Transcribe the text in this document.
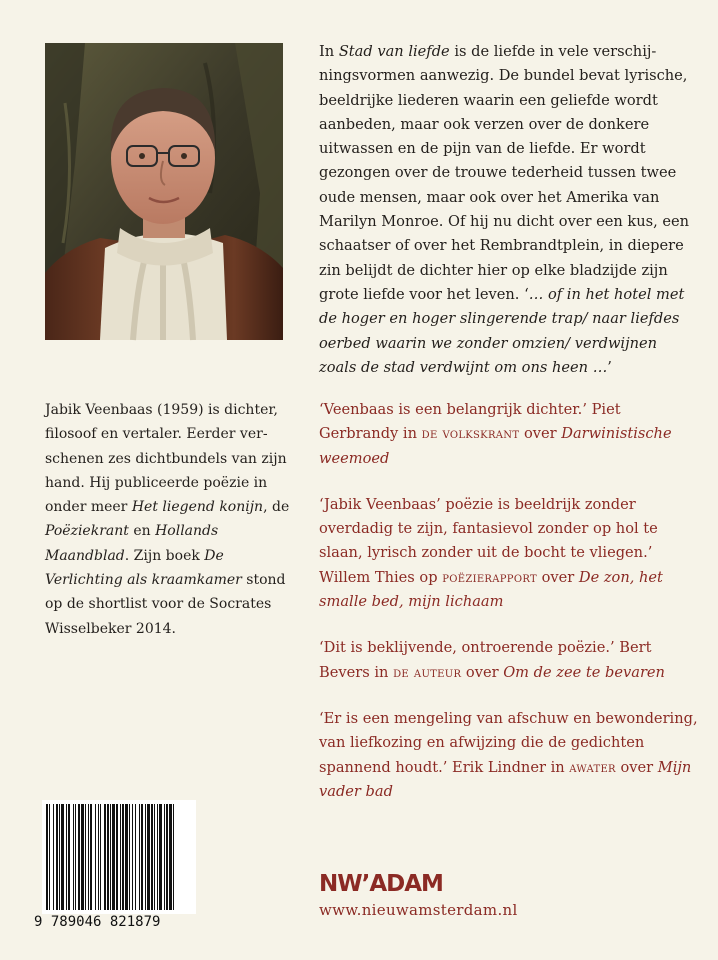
In Stad van liefde is de liefde in vele verschijningsvormen aanwezig. De bundel bevat lyrische, beeldrijke liederen waarin een geliefde wordt aanbeden, maar ook verzen over de donkere uitwassen en de pijn van de liefde. Er wordt gezongen over de trouwe tederheid tussen twee oude mensen, maar ook over het Amerika van Marilyn Monroe. Of hij nu dicht over een kus, een schaatser of over het Rembrandtplein, in diepere zin belijdt de dichter hier op elke bladzijde zijn grote liefde voor het leven. ‘… of in het hotel met de hoger en hoger slingerende trap/ naar liefdes oerbed waarin we zonder omzien/ verdwijnen zoals de stad verdwijnt om ons heen …’

Jabik Veenbaas (1959) is dichter, filosoof en vertaler. Eerder verschenen zes dichtbundels van zijn hand. Hij publiceerde poëzie in onder meer Het liegend konijn, de Poëziekrant en Hollands Maandblad. Zijn boek De Verlichting als kraamkamer stond op de shortlist voor de Socrates Wisselbeker 2014.

‘Veenbaas is een belangrijk dichter.’ Piet Gerbrandy in de volkskrant over Darwinistische weemoed

‘Jabik Veenbaas’ poëzie is beeldrijk zonder overdadig te zijn, fantasievol zonder op hol te slaan, lyrisch zonder uit de bocht te vliegen.’ Willem Thies op poëzierapport over De zon, het smalle bed, mijn lichaam

‘Dit is beklijvende, ontroerende poëzie.’ Bert Bevers in de auteur over Om de zee te bevaren

‘Er is een mengeling van afschuw en bewondering, van liefkozing en afwijzing die de gedichten spannend houdt.’ Erik Lindner in awater over Mijn vader bad

9 789046 821879
NW’ADAM
www.nieuwamsterdam.nl
